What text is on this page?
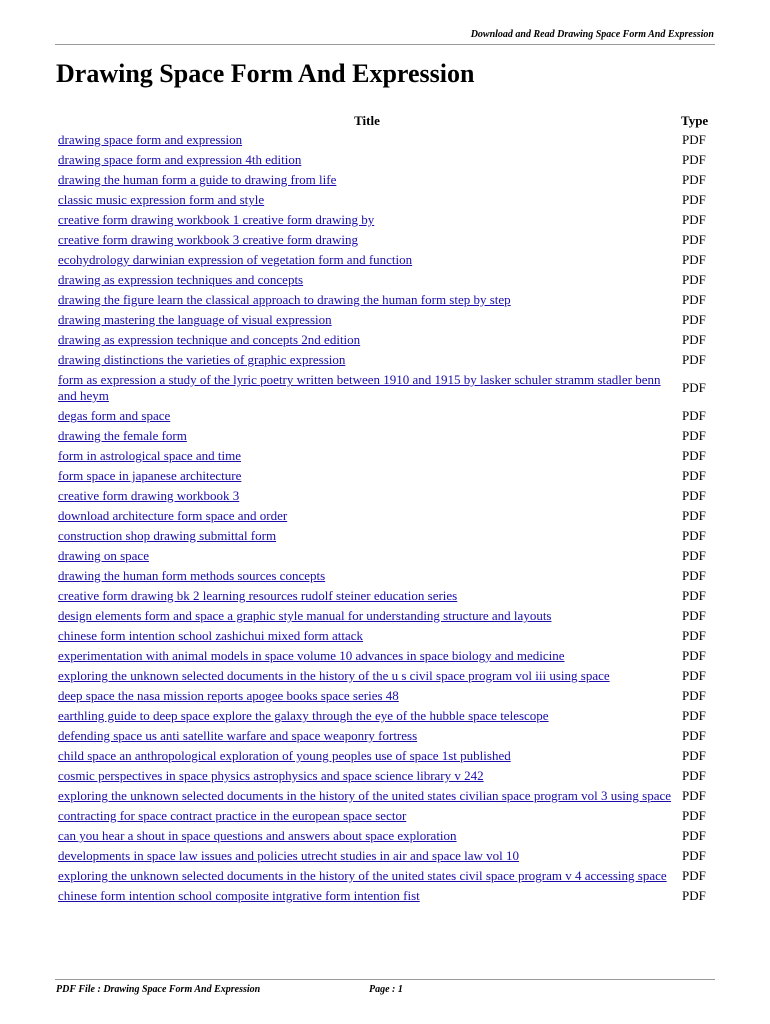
Download and Read Drawing Space Form And Expression
Drawing Space Form And Expression
Title	Type
drawing space form and expression	PDF
drawing space form and expression 4th edition	PDF
drawing the human form a guide to drawing from life	PDF
classic music expression form and style	PDF
creative form drawing workbook 1 creative form drawing by	PDF
creative form drawing workbook 3 creative form drawing	PDF
ecohydrology darwinian expression of vegetation form and function	PDF
drawing as expression techniques and concepts	PDF
drawing the figure learn the classical approach to drawing the human form step by step	PDF
drawing mastering the language of visual expression	PDF
drawing as expression technique and concepts 2nd edition	PDF
drawing distinctions the varieties of graphic expression	PDF
form as expression a study of the lyric poetry written between 1910 and 1915 by lasker schuler stramm stadler benn and heym	PDF
degas form and space	PDF
drawing the female form	PDF
form in astrological space and time	PDF
form space in japanese architecture	PDF
creative form drawing workbook 3	PDF
download architecture form space and order	PDF
construction shop drawing submittal form	PDF
drawing on space	PDF
drawing the human form methods sources concepts	PDF
creative form drawing bk 2 learning resources rudolf steiner education series	PDF
design elements form and space a graphic style manual for understanding structure and layouts	PDF
chinese form intention school zashichui mixed form attack	PDF
experimentation with animal models in space volume 10 advances in space biology and medicine	PDF
exploring the unknown selected documents in the history of the u s civil space program vol iii using space	PDF
deep space the nasa mission reports apogee books space series 48	PDF
earthling guide to deep space explore the galaxy through the eye of the hubble space telescope	PDF
defending space us anti satellite warfare and space weaponry fortress	PDF
child space an anthropological exploration of young peoples use of space 1st published	PDF
cosmic perspectives in space physics astrophysics and space science library v 242	PDF
exploring the unknown selected documents in the history of the united states civilian space program vol 3 using space	PDF
contracting for space contract practice in the european space sector	PDF
can you hear a shout in space questions and answers about space exploration	PDF
developments in space law issues and policies utrecht studies in air and space law vol 10	PDF
exploring the unknown selected documents in the history of the united states civil space program v 4 accessing space	PDF
chinese form intention school composite intgrative form intention fist	PDF
PDF File : Drawing Space Form And Expression	Page : 1
